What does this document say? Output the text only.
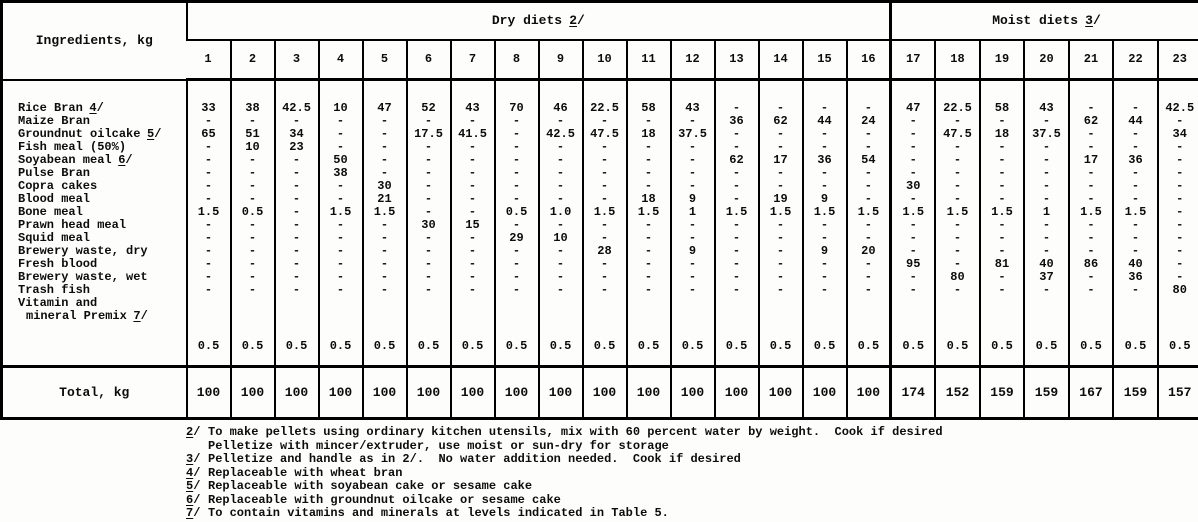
Ingredients, kg	Dry diets 2/																Moist diets 3/						
	1	2	3	4	5	6	7	8	9	10	11	12	13	14	15	16	17	18	19	20	21	22	23

Rice Bran 4/	33	38	42.5	10	47	52	43	70	46	22.5	58	43	-	-	-	-	47	22.5	58	43	-	-	42.5

Maize Bran	-	-	-	-	-	-	-	-	-	-	-	-	36	62	44	24	-	-	-	-	62	44	-

Groundnut oilcake 5/	65	51	34	-	-	17.5	41.5	-	42.5	47.5	18	37.5	-	-	-	-	-	47.5	18	37.5	-	-	34

Fish meal (50%)	-	10	23	-	-	-	-	-	-	-	-	-	-	-	-	-	-	-	-	-	-	-	-

Soyabean meal 6/	-	-	-	50	-	-	-	-	-	-	-	-	62	17	36	54	-	-	-	-	17	36	-

Pulse Bran	-	-	-	38	-	-	-	-	-	-	-	-	-	-	-	-	-	-	-	-	-	-	-

Copra cakes	-	-	-	-	30	-	-	-	-	-	-	-	-	-	-	-	30	-	-	-	-	-	-

Blood meal	-	-	-	-	21	-	-	-	-	-	18	9	-	19	9	-	-	-	-	-	-	-	-

Bone meal	1.5	0.5	-	1.5	1.5	-	-	0.5	1.0	1.5	1.5	1	1.5	1.5	1.5	1.5	1.5	1.5	1.5	1	1.5	1.5	-

Prawn head meal	-	-	-	-	-	30	15	-	-	-	-	-	-	-	-	-	-	-	-	-	-	-	-

Squid meal	-	-	-	-	-	-	-	29	10	-	-	-	-	-	-	-	-	-	-	-	-	-	-

Brewery waste, dry	-	-	-	-	-	-	-	-	-	28	-	9	-	-	9	20	-	-	-	-	-	-	-

Fresh blood	-	-	-	-	-	-	-	-	-	-	-	-	-	-	-	-	95	-	81	40	86	40	-

Brewery waste, wet	-	-	-	-	-	-	-	-	-	-	-	-	-	-	-	-	-	80	-	37	-	36	-

Trash fish	-	-	-	-	-	-	-	-	-	-	-	-	-	-	-	-	-	-	-	-	-	-	80

Vitamin and
mineral Premix 7/	0.5	0.5	0.5	0.5	0.5	0.5	0.5	0.5	0.5	0.5	0.5	0.5	0.5	0.5	0.5	0.5	0.5	0.5	0.5	0.5	0.5	0.5	0.5

Total, kg	100	100	100	100	100	100	100	100	100	100	100	100	100	100	100	100	174	152	159	159	167	159	157
2/ To make pellets using ordinary kitchen utensils, mix with 60 percent water by weight.  Cook if desired
Pelletize with mincer/extruder, use moist or sun-dry for storage
3/ Pelletize and handle as in 2/.  No water addition needed.  Cook if desired
4/ Replaceable with wheat bran
5/ Replaceable with soyabean cake or sesame cake
6/ Replaceable with groundnut oilcake or sesame cake
7/ To contain vitamins and minerals at levels indicated in Table 5.
